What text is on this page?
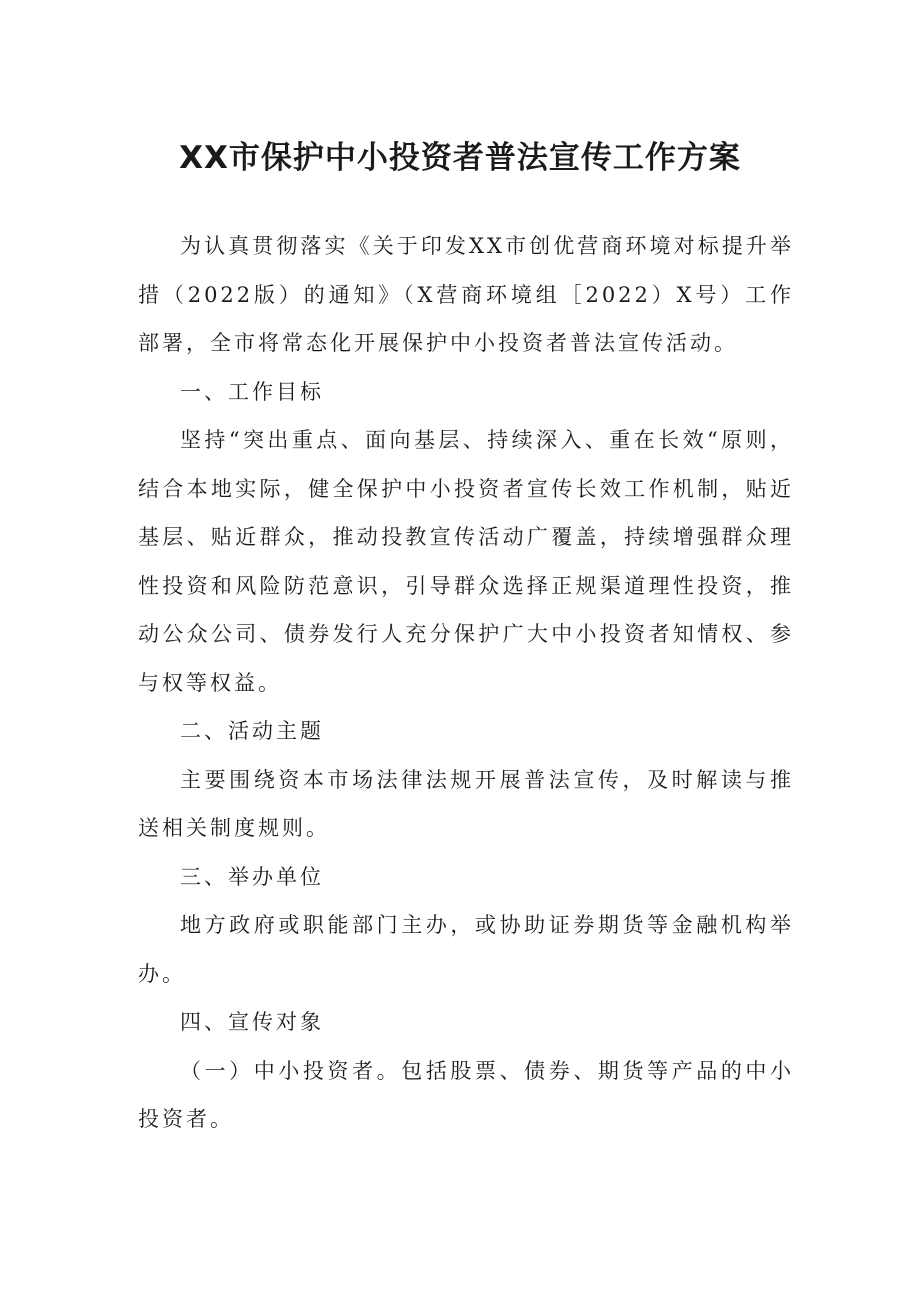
XX市保护中小投资者普法宣传工作方案

为认真贯彻落实《关于印发XX市创优营商环境对标提升举措（2022版）的通知》（X营商环境组［2022）X号）工作部署，全市将常态化开展保护中小投资者普法宣传活动。

一、工作目标

坚持“突出重点、面向基层、持续深入、重在长效“原则，结合本地实际，健全保护中小投资者宣传长效工作机制，贴近基层、贴近群众，推动投教宣传活动广覆盖，持续增强群众理性投资和风险防范意识，引导群众选择正规渠道理性投资，推动公众公司、债券发行人充分保护广大中小投资者知情权、参与权等权益。

二、活动主题

主要围绕资本市场法律法规开展普法宣传，及时解读与推送相关制度规则。

三、举办单位

地方政府或职能部门主办，或协助证券期货等金融机构举办。

四、宣传对象

（一）中小投资者。包括股票、债券、期货等产品的中小投资者。
